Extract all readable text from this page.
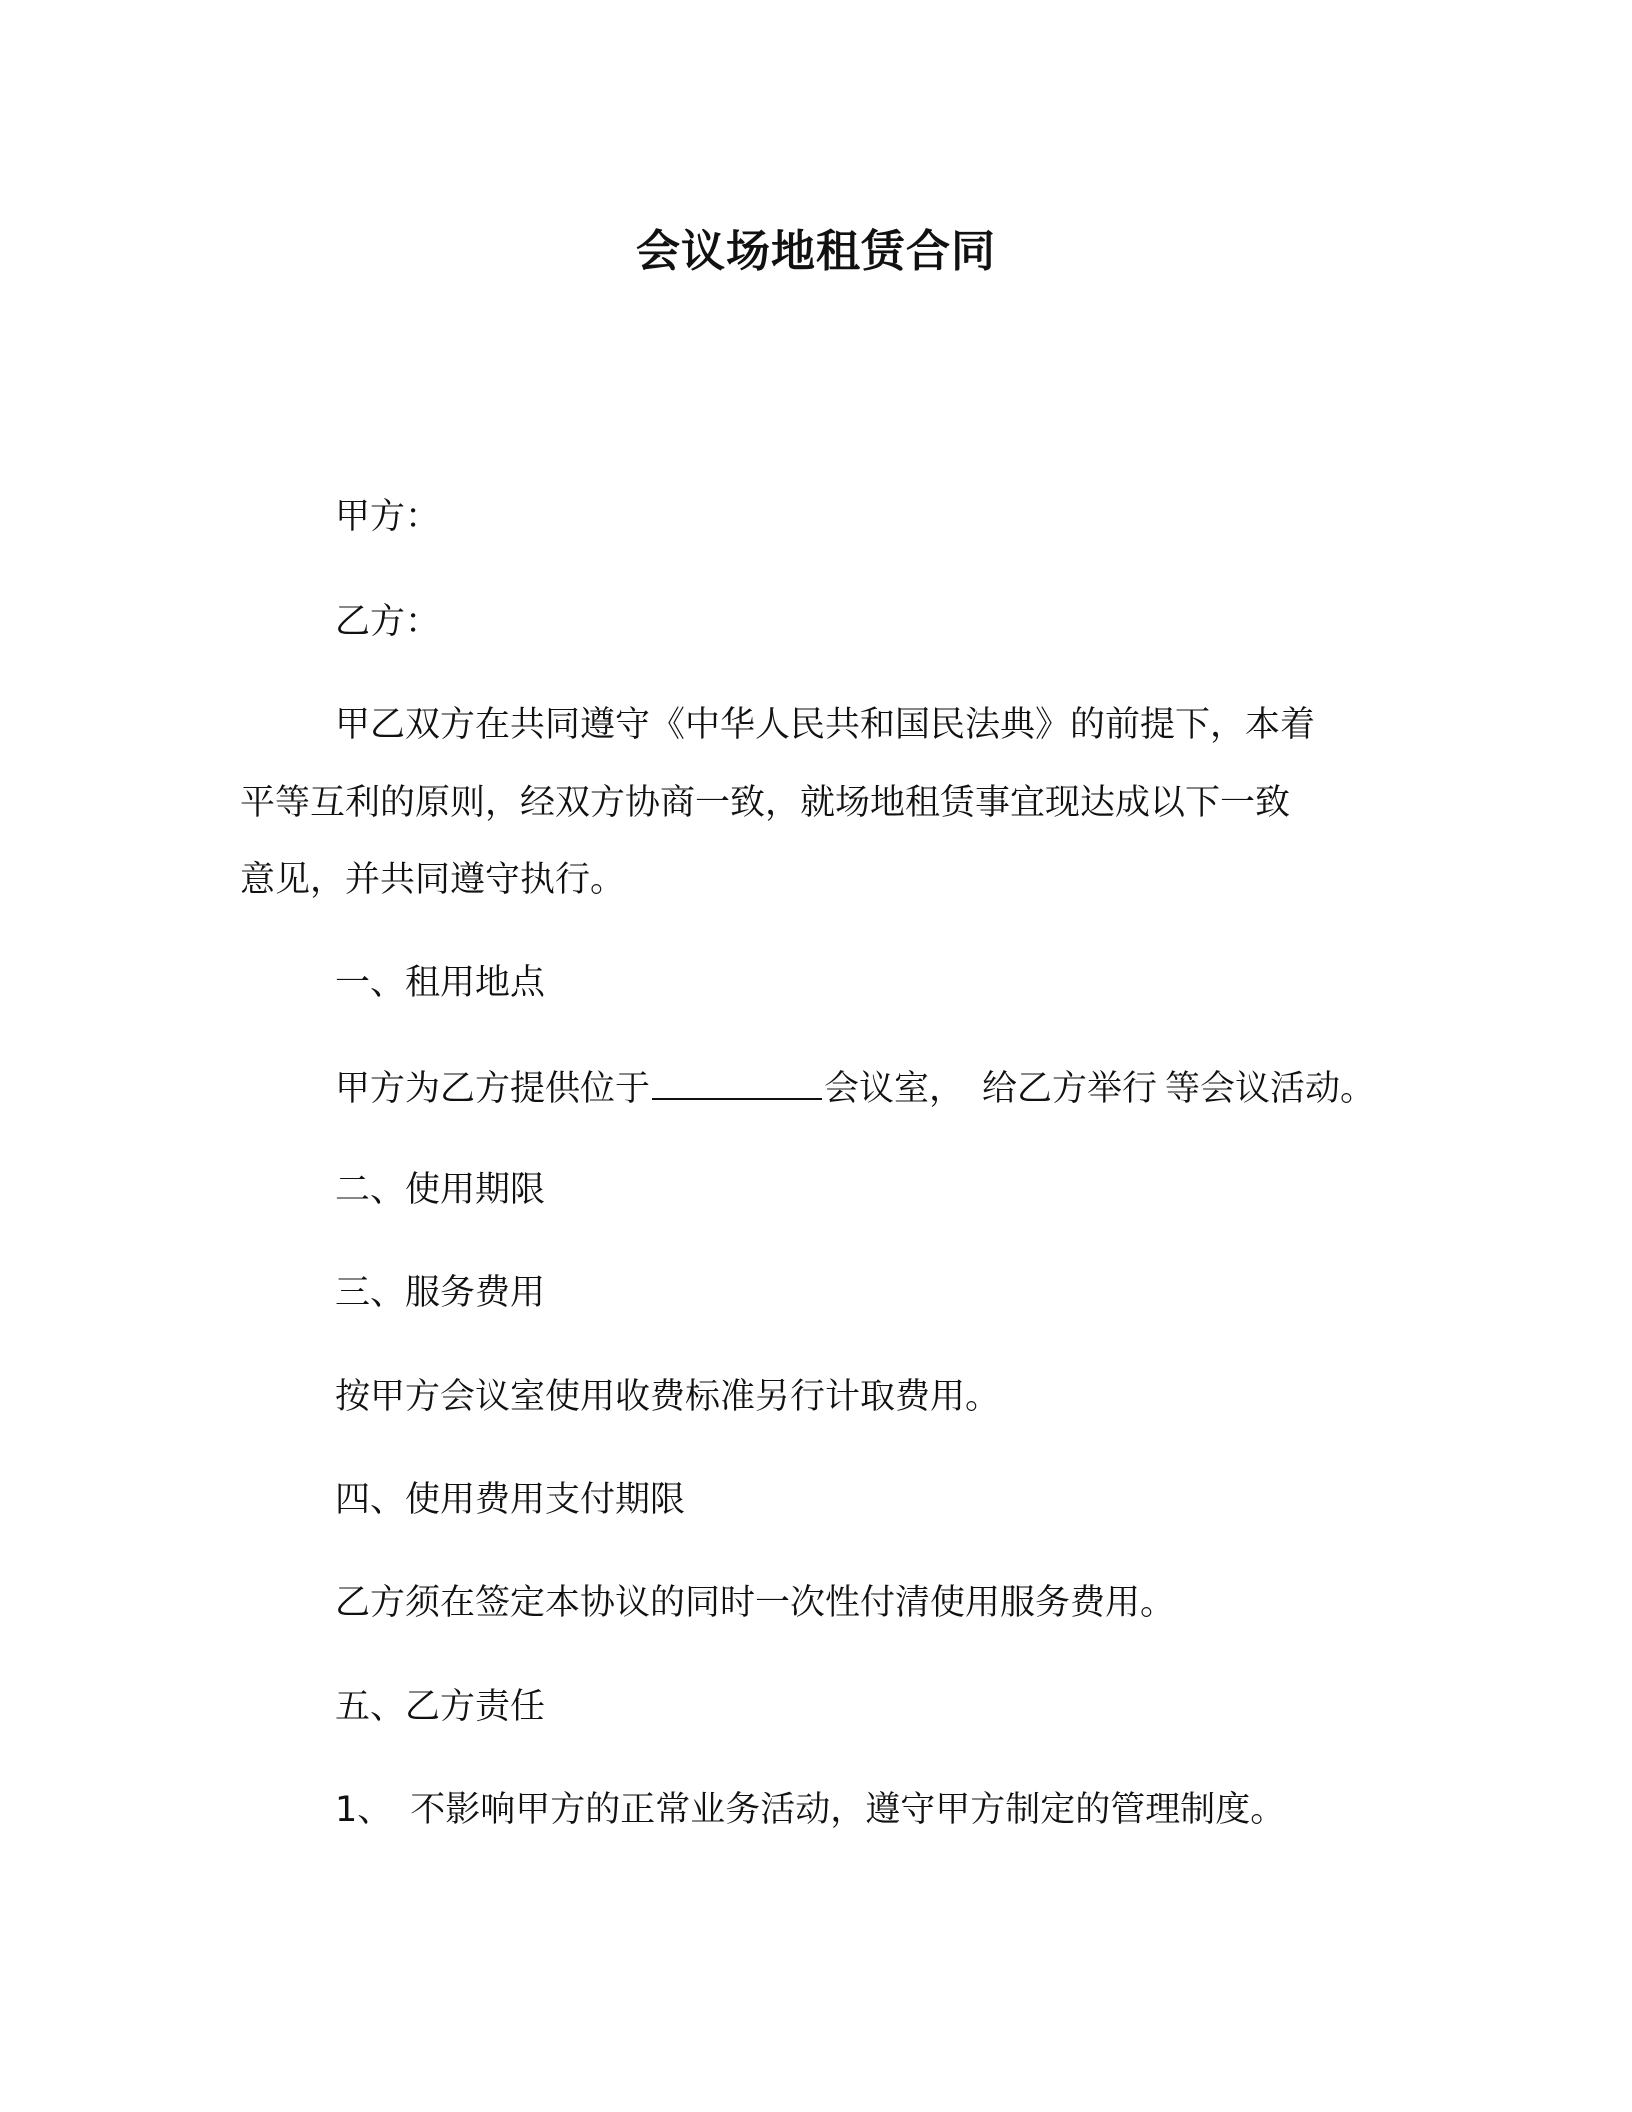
会议场地租赁合同
甲方：
乙方：
甲乙双方在共同遵守《中华人民共和国民法典》的前提下，本着
平等互利的原则，经双方协商一致，就场地租赁事宜现达成以下一致
意见，并共同遵守执行。
一、租用地点
甲方为乙方提供位于	会议室， 给乙方举行 等会议活动。
二、使用期限
三、服务费用
按甲方会议室使用收费标准另行计取费用。
四、使用费用支付期限
乙方须在签定本协议的同时一次性付清使用服务费用。
五、乙方责任
1、 不影响甲方的正常业务活动，遵守甲方制定的管理制度。
